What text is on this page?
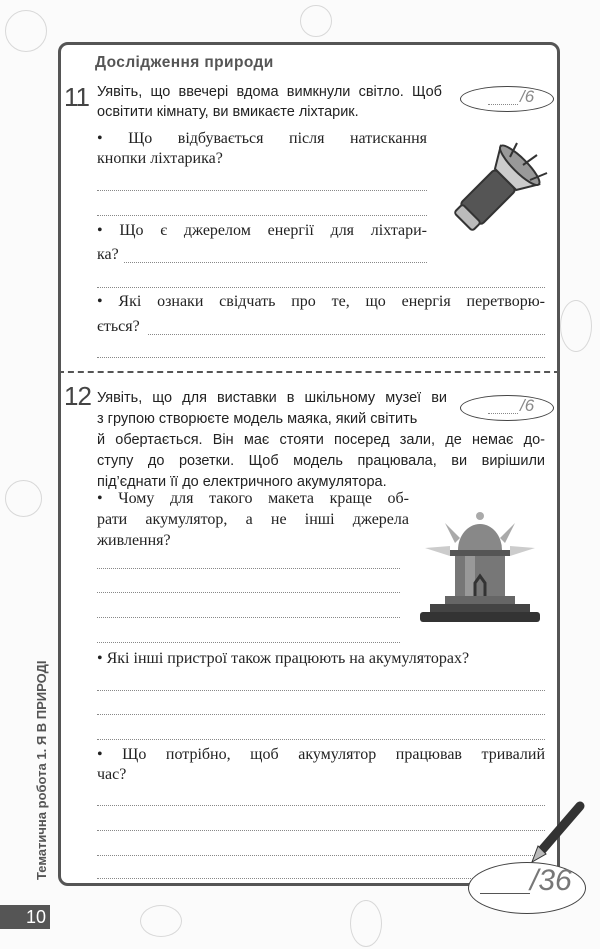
Дослідження природи
11	/6
Уявіть, що ввечері вдома вимкнули світло. Щоб
освітити кімнату, ви вмикаєте ліхтарик.
• Що відбувається після натискання
кнопки ліхтарика?
• Що є джерелом енергії для ліхтари-
ка?
• Які ознаки свідчать про те, що енергія перетворю-
ється?
12	/6
Уявіть, що для виставки в шкільному музеї ви
з групою створюєте модель маяка, який світить
й обертається. Він має стояти посеред зали, де немає до-
ступу до розетки. Щоб модель працювала, ви вирішили
під’єднати її до електричного акумулятора.
• Чому для такого макета краще об-
рати акумулятор, а не інші джерела
живлення?
• Які інші пристрої також працюють на акумуляторах?
• Що потрібно, щоб акумулятор працював тривалий
час?
/36
Тематична робота 1. Я В ПРИРОДІ
10
